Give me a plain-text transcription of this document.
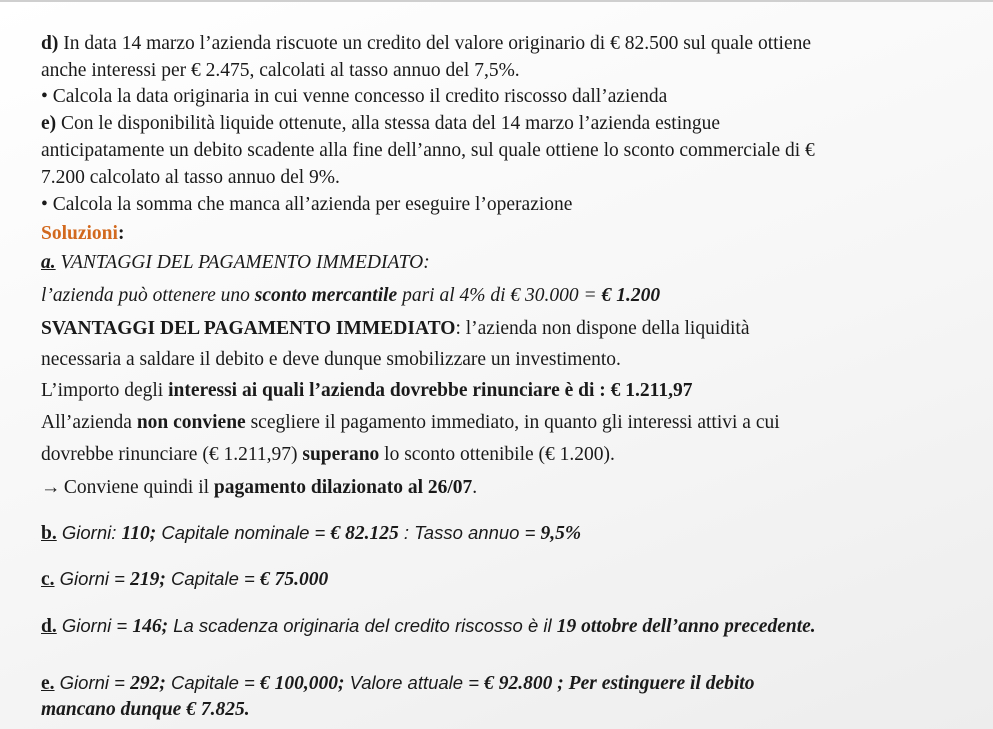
d) In data 14 marzo l’azienda riscuote un credito del valore originario di € 82.500 sul quale ottiene
anche interessi per € 2.475, calcolati al tasso annuo del 7,5%.
• Calcola la data originaria in cui venne concesso il credito riscosso dall’azienda
e) Con le disponibilità liquide ottenute, alla stessa data del 14 marzo l’azienda estingue
anticipatamente un debito scadente alla fine dell’anno, sul quale ottiene lo sconto commerciale di €
7.200 calcolato al tasso annuo del 9%.
• Calcola la somma che manca all’azienda per eseguire l’operazione
Soluzioni:
a. VANTAGGI DEL PAGAMENTO IMMEDIATO:
l’azienda può ottenere uno sconto mercantile pari al 4% di € 30.000 = € 1.200
SVANTAGGI DEL PAGAMENTO IMMEDIATO: l’azienda non dispone della liquidità
necessaria a saldare il debito e deve dunque smobilizzare un investimento.
L’importo degli interessi ai quali l’azienda dovrebbe rinunciare è di : € 1.211,97
All’azienda non conviene scegliere il pagamento immediato, in quanto gli interessi attivi a cui
dovrebbe rinunciare (€ 1.211,97) superano lo sconto ottenibile (€ 1.200).
→ Conviene quindi il pagamento dilazionato al 26/07.
b. Giorni: 110; Capitale nominale = € 82.125 : Tasso annuo = 9,5%
c. Giorni = 219; Capitale = € 75.000
d. Giorni = 146; La scadenza originaria del credito riscosso è il 19 ottobre dell’anno precedente.
e. Giorni = 292; Capitale = € 100,000; Valore attuale = € 92.800 ; Per estinguere il debito
mancano dunque € 7.825.
